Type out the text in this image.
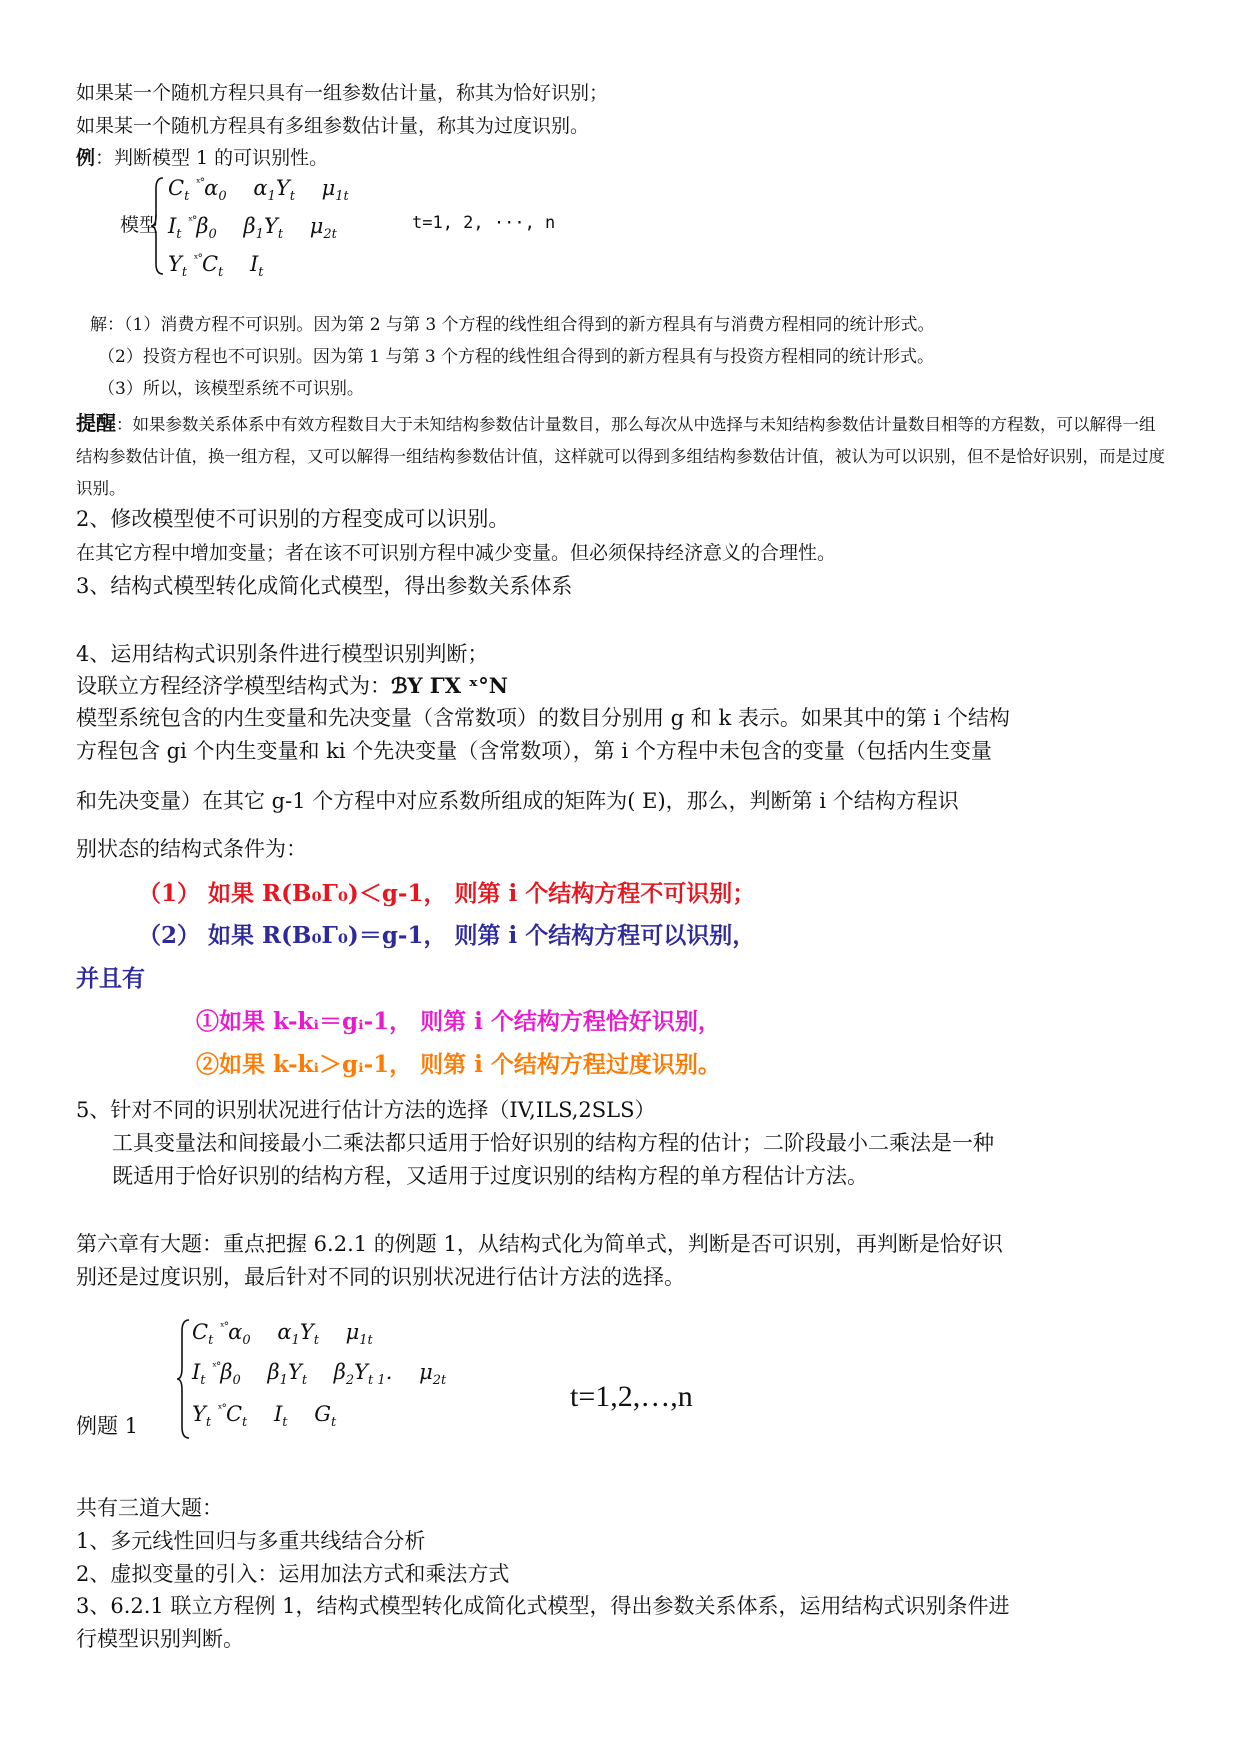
如果某一个随机方程只具有一组参数估计量，称其为恰好识别；
如果某一个随机方程具有多组参数估计量，称其为过度识别。
例：判断模型 1 的可识别性。
模型
$C_t$ $^{ˣ^\circ}\alpha_0$ $\alpha_1Y_t$ $\mu_{1t}$
$I_t$ $^{ˣ^\circ}\beta_0$ $\beta_1Y_t$ $\mu_{2t}$
$Y_t$ $^{ˣ^\circ}C_t$ $I_t$
t=1, 2, ···, n
解：（1）消费方程不可识别。因为第 2 与第 3 个方程的线性组合得到的新方程具有与消费方程相同的统计形式。
（2）投资方程也不可识别。因为第 1 与第 3 个方程的线性组合得到的新方程具有与投资方程相同的统计形式。
（3）所以，该模型系统不可识别。
提醒：如果参数关系体系中有效方程数目大于未知结构参数估计量数目，那么每次从中选择与未知结构参数估计量数目相等的方程数，可以解得一组结构参数估计值，换一组方程，又可以解得一组结构参数估计值，这样就可以得到多组结构参数估计值，被认为可以识别，但不是恰好识别，而是过度识别。
2、修改模型使不可识别的方程变成可以识别。
在其它方程中增加变量；者在该不可识别方程中减少变量。但必须保持经济意义的合理性。
3、结构式模型转化成简化式模型，得出参数关系体系
4、运用结构式识别条件进行模型识别判断；
设联立方程经济学模型结构式为：ℬY ΓX ˣ°N
模型系统包含的内生变量和先决变量（含常数项）的数目分别用 g 和 k 表示。如果其中的第 i 个结构
方程包含 gi 个内生变量和 ki 个先决变量（含常数项），第 i 个方程中未包含的变量（包括内生变量
和先决变量）在其它 g-1 个方程中对应系数所组成的矩阵为( E)，那么，判断第 i 个结构方程识
别状态的结构式条件为：
（1） 如果 R(B₀Γ₀)＜g-1， 则第 i 个结构方程不可识别；
（2） 如果 R(B₀Γ₀)＝g-1， 则第 i 个结构方程可以识别，
并且有
①如果 k-kᵢ＝gᵢ-1， 则第 i 个结构方程恰好识别，
②如果 k-kᵢ＞gᵢ-1， 则第 i 个结构方程过度识别。
5、针对不同的识别状况进行估计方法的选择（IV,ILS,2SLS）
工具变量法和间接最小二乘法都只适用于恰好识别的结构方程的估计；二阶段最小二乘法是一种
既适用于恰好识别的结构方程，又适用于过度识别的结构方程的单方程估计方法。
第六章有大题：重点把握 6.2.1 的例题 1，从结构式化为简单式，判断是否可识别，再判断是恰好识
别还是过度识别，最后针对不同的识别状况进行估计方法的选择。
例题 1
$C_t$ $^{ˣ^\circ}\alpha_0$ $\alpha_1Y_t$ $\mu_{1t}$
$I_t$ $^{ˣ^\circ}\beta_0$ $\beta_1Y_t$ $\beta_2Y_{t 1}$. $\mu_{2t}$
$Y_t$ $^{ˣ^\circ}C_t$ $I_t$ $G_t$
t=1,2,…,n
共有三道大题：
1、多元线性回归与多重共线结合分析
2、虚拟变量的引入：运用加法方式和乘法方式
3、6.2.1 联立方程例 1，结构式模型转化成简化式模型，得出参数关系体系，运用结构式识别条件进
行模型识别判断。
